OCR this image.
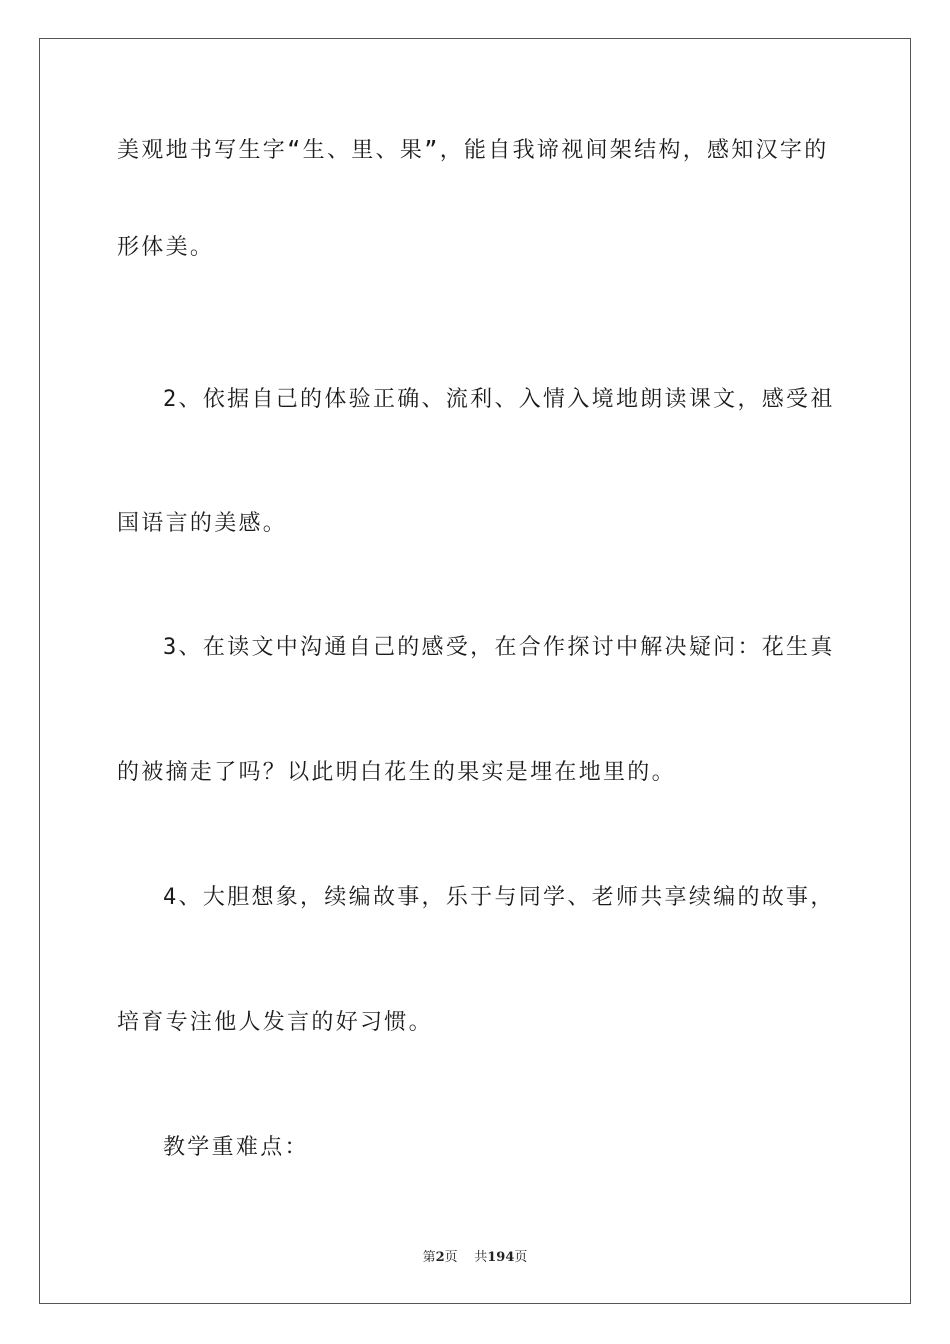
美观地书写生字“生、里、果”，能自我谛视间架结构，感知汉字的
形体美。
2、依据自己的体验正确、流利、入情入境地朗读课文，感受祖
国语言的美感。
3、在读文中沟通自己的感受，在合作探讨中解决疑问：花生真
的被摘走了吗？以此明白花生的果实是埋在地里的。
4、大胆想象，续编故事，乐于与同学、老师共享续编的故事，
培育专注他人发言的好习惯。
教学重难点：
第2页 共194页
